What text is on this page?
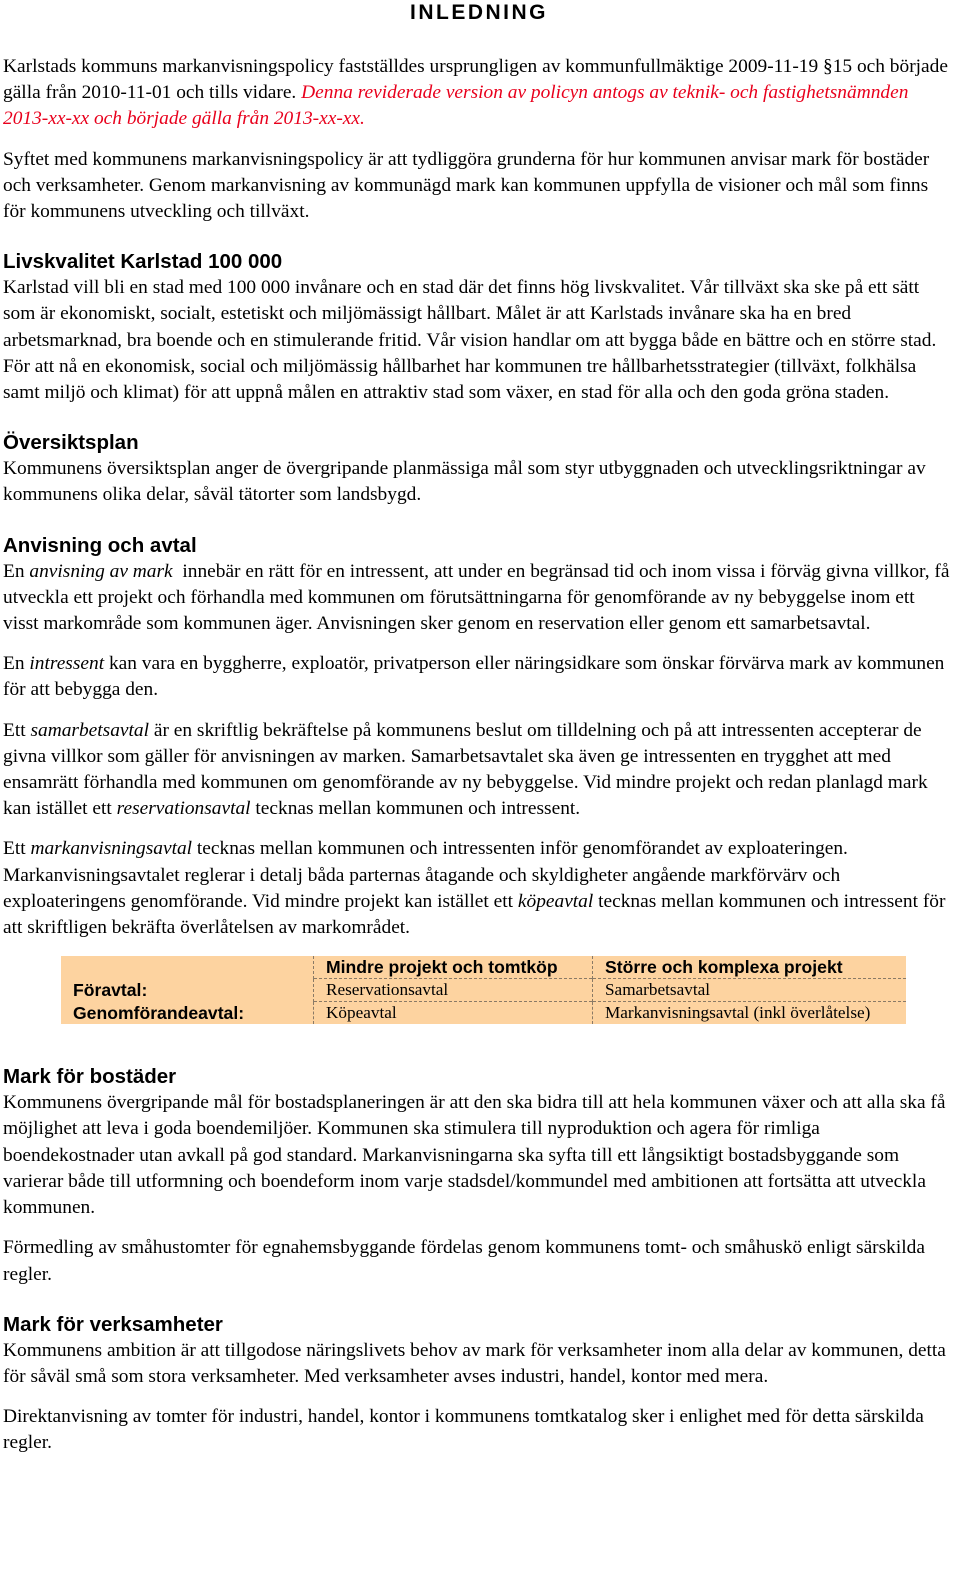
INLEDNING

Karlstads kommuns markanvisningspolicy fastställdes ursprungligen av kommunfullmäktige 2009-11-19 §15 och började gälla från 2010-11-01 och tills vidare. Denna reviderade version av policyn antogs av teknik- och fastighetsnämnden 2013-xx-xx och började gälla från 2013-xx-xx.

Syftet med kommunens markanvisningspolicy är att tydliggöra grunderna för hur kommunen anvisar mark för bostäder och verksamheter. Genom markanvisning av kommunägd mark kan kommunen uppfylla de visioner och mål som finns för kommunens utveckling och tillväxt.

Livskvalitet Karlstad 100 000

Karlstad vill bli en stad med 100 000 invånare och en stad där det finns hög livskvalitet. Vår tillväxt ska ske på ett sätt som är ekonomiskt, socialt, estetiskt och miljömässigt hållbart. Målet är att Karlstads invånare ska ha en bred arbetsmarknad, bra boende och en stimulerande fritid. Vår vision handlar om att bygga både en bättre och en större stad. För att nå en ekonomisk, social och miljömässig hållbarhet har kommunen tre hållbarhetsstrategier (tillväxt, folkhälsa samt miljö och klimat) för att uppnå målen en attraktiv stad som växer, en stad för alla och den goda gröna staden.

Översiktsplan

Kommunens översiktsplan anger de övergripande planmässiga mål som styr utbyggnaden och utvecklingsriktningar av kommunens olika delar, såväl tätorter som landsbygd.

Anvisning och avtal

En anvisning av mark innebär en rätt för en intressent, att under en begränsad tid och inom vissa i förväg givna villkor, få utveckla ett projekt och förhandla med kommunen om förutsättningarna för genomförande av ny bebyggelse inom ett visst markområde som kommunen äger. Anvisningen sker genom en reservation eller genom ett samarbetsavtal.

En intressent kan vara en byggherre, exploatör, privatperson eller näringsidkare som önskar förvärva mark av kommunen för att bebygga den.

Ett samarbetsavtal är en skriftlig bekräftelse på kommunens beslut om tilldelning och på att intressenten accepterar de givna villkor som gäller för anvisningen av marken. Samarbetsavtalet ska även ge intressenten en trygghet att med ensamrätt förhandla med kommunen om genomförande av ny bebyggelse. Vid mindre projekt och redan planlagd mark kan istället ett reservationsavtal tecknas mellan kommunen och intressent.

Ett markanvisningsavtal tecknas mellan kommunen och intressenten inför genomförandet av exploateringen. Markanvisningsavtalet reglerar i detalj båda parternas åtagande och skyldigheter angående markförvärv och exploateringens genomförande. Vid mindre projekt kan istället ett köpeavtal tecknas mellan kommunen och intressent för att skriftligen bekräfta överlåtelsen av markområdet.

	Mindre projekt och tomtköp	Större och komplexa projekt
Föravtal:	Reservationsavtal	Samarbetsavtal
Genomförandeavtal:	Köpeavtal	Markanvisningsavtal (inkl överlåtelse)
Mark för bostäder

Kommunens övergripande mål för bostadsplaneringen är att den ska bidra till att hela kommunen växer och att alla ska få möjlighet att leva i goda boendemiljöer. Kommunen ska stimulera till nyproduktion och agera för rimliga boendekostnader utan avkall på god standard. Markanvisningarna ska syfta till ett långsiktigt bostadsbyggande som varierar både till utformning och boendeform inom varje stadsdel/kommundel med ambitionen att fortsätta att utveckla kommunen.

Förmedling av småhustomter för egnahemsbyggande fördelas genom kommunens tomt- och småhuskö enligt särskilda regler.

Mark för verksamheter

Kommunens ambition är att tillgodose näringslivets behov av mark för verksamheter inom alla delar av kommunen, detta för såväl små som stora verksamheter. Med verksamheter avses industri, handel, kontor med mera.

Direktanvisning av tomter för industri, handel, kontor i kommunens tomtkatalog sker i enlighet med för detta särskilda regler.
